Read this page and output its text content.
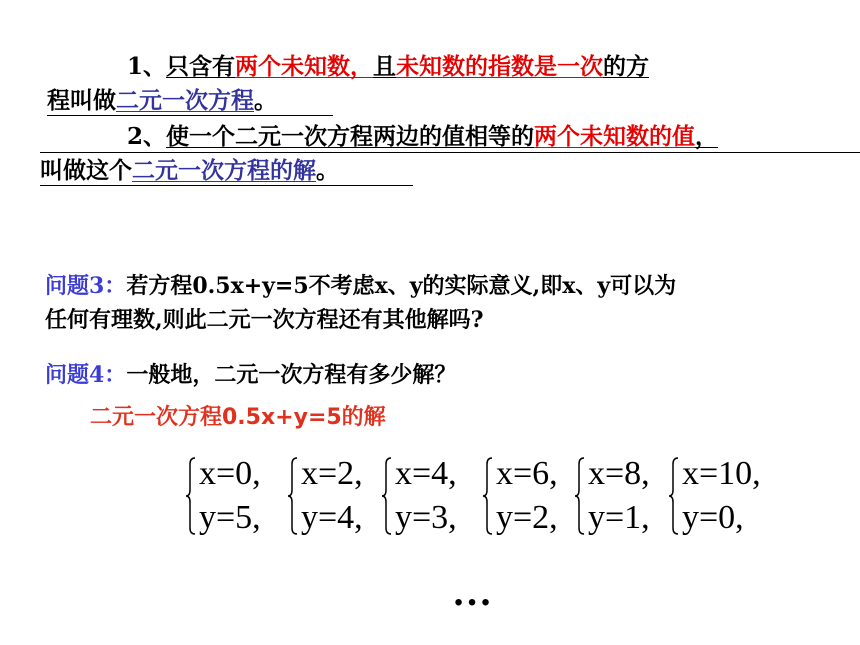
1、只含有两个未知数，且未知数的指数是一次的方
程叫做二元一次方程。
2、使一个二元一次方程两边的值相等的两个未知数的值，
叫做这个二元一次方程的解。
问题3：若方程0.5x+y=5不考虑x、y的实际意义,即x、y可以为
任何有理数,则此二元一次方程还有其他解吗?
问题4：一般地，二元一次方程有多少解？
二元一次方程0.5x+y=5的解
x=0,
y=5,
x=2,
y=4,
x=4,
y=3,
x=6,
y=2,
x=8,
y=1,
x=10,
y=0,
…
